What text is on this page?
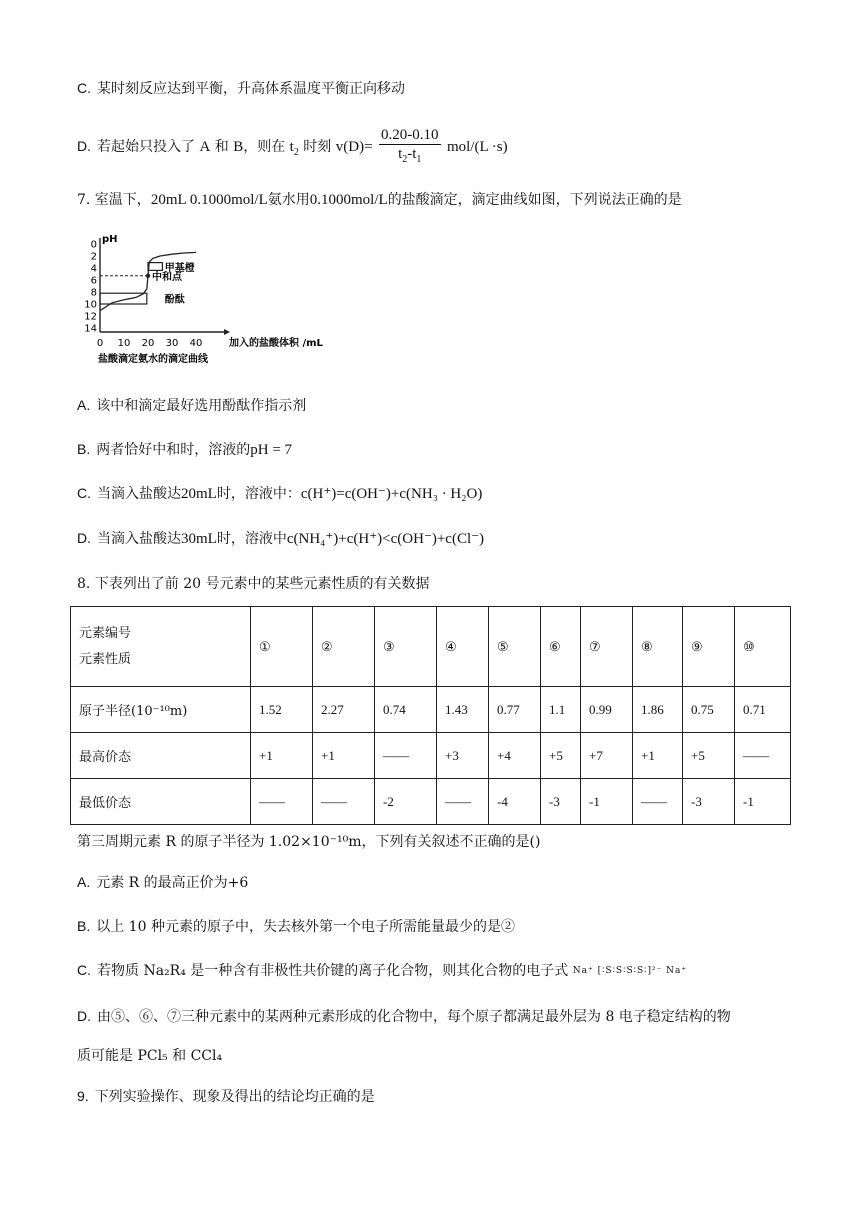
C. 某时刻反应达到平衡，升高体系温度平衡正向移动
D. 若起始只投入了 A 和 B，则在 $t_2$ 时刻 $v(D)= \frac{0.20-0.10}{t_2-t_1} mol/(L \cdot s)$
7. 室温下，20mL 0.1000mol/L氨水用0.1000mol/L的盐酸滴定，滴定曲线如图，下列说法正确的是
pH
0
2
4
6
8
10
12
14
0 10 20 30 40	加入的盐酸体积 /mL
盐酸滴定氨水的滴定曲线
甲基橙
中和点
酚酞
A. 该中和滴定最好选用酚酞作指示剂
B. 两者恰好中和时，溶液的pH = 7
C. 当滴入盐酸达20mL时，溶液中：c(H⁺)=c(OH⁻)+c(NH₃ · H₂O)
D. 当滴入盐酸达30mL时，溶液中c(NH₄⁺)+c(H⁺)<c(OH⁻)+c(Cl⁻)
8. 下表列出了前 20 号元素中的某些元素性质的有关数据
元素编号
元素性质	①	②	③	④	⑤	⑥	⑦	⑧	⑨	⑩
原子半径(10⁻¹⁰m)	1.52	2.27	0.74	1.43	0.77	1.1	0.99	1.86	0.75	0.71
最高价态	+1	+1	——	+3	+4	+5	+7	+1	+5	——
最低价态	——	——	-2	——	-4	-3	-1	——	-3	-1
第三周期元素 R 的原子半径为 1.02×10⁻¹⁰m，下列有关叙述不正确的是()
A. 元素 R 的最高正价为+6
B. 以上 10 种元素的原子中，失去核外第一个电子所需能量最少的是②
C. 若物质 Na₂R₄ 是一种含有非极性共价键的离子化合物，则其化合物的电子式 Na⁺ [∶S∶S∶S∶S∶]²⁻ Na⁺
D. 由⑤、⑥、⑦三种元素中的某两种元素形成的化合物中，每个原子都满足最外层为 8 电子稳定结构的物
质可能是 PCl₅ 和 CCl₄
9. 下列实验操作、现象及得出的结论均正确的是
